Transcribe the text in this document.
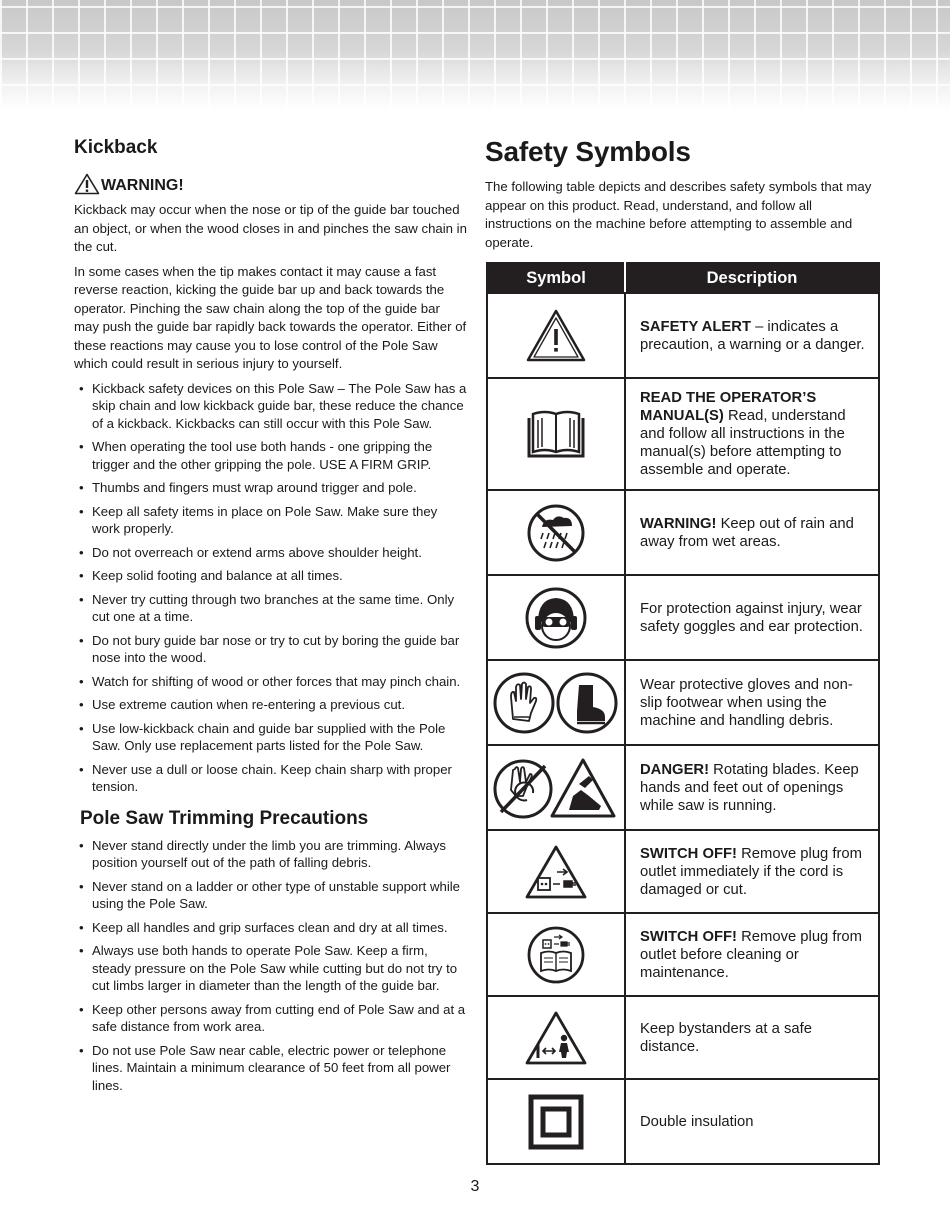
Kickback
WARNING!

Kickback may occur when the nose or tip of the guide bar touched an object, or when the wood closes in and pinches the saw chain in the cut.

In some cases when the tip makes contact it may cause a fast reverse reaction, kicking the guide bar up and back towards the operator. Pinching the saw chain along the top of the guide bar may push the guide bar rapidly back towards the operator. Either of these reactions may cause you to lose control of the Pole Saw which could result in serious injury to yourself.

• Kickback safety devices on this Pole Saw – The Pole Saw has a skip chain and low kickback guide bar, these reduce the chance of a kickback. Kickbacks can still occur with this Pole Saw.
• When operating the tool use both hands - one gripping the trigger and the other gripping the pole. USE A FIRM GRIP.
• Thumbs and fingers must wrap around trigger and pole.
• Keep all safety items in place on Pole Saw. Make sure they work properly.
• Do not overreach or extend arms above shoulder height.
• Keep solid footing and balance at all times.
• Never try cutting through two branches at the same time. Only cut one at a time.
• Do not bury guide bar nose or try to cut by boring the guide bar nose into the wood.
• Watch for shifting of wood or other forces that may pinch chain.
• Use extreme caution when re-entering a previous cut.
• Use low-kickback chain and guide bar supplied with the Pole Saw. Only use replacement parts listed for the Pole Saw.
• Never use a dull or loose chain. Keep chain sharp with proper tension.
Pole Saw Trimming Precautions
• Never stand directly under the limb you are trimming. Always position yourself out of the path of falling debris.
• Never stand on a ladder or other type of unstable support while using the Pole Saw.
• Keep all handles and grip surfaces clean and dry at all times.
• Always use both hands to operate Pole Saw. Keep a firm, steady pressure on the Pole Saw while cutting but do not try to cut limbs larger in diameter than the length of the guide bar.
• Keep other persons away from cutting end of Pole Saw and at a safe distance from work area.
• Do not use Pole Saw near cable, electric power or telephone lines. Maintain a minimum clearance of 50 feet from all power lines.
Safety Symbols

The following table depicts and describes safety symbols that may appear on this product. Read, understand, and follow all instructions on the machine before attempting to assemble and operate.

Symbol	Description
	SAFETY ALERT – indicates a precaution, a warning or a danger.
	READ THE OPERATOR’S MANUAL(S) Read, understand and follow all instructions in the manual(s) before attempting to assemble and operate.
	WARNING! Keep out of rain and away from wet areas.
	For protection against injury, wear safety goggles and ear protection.
	Wear protective gloves and non-slip footwear when using the machine and handling debris.
	DANGER! Rotating blades. Keep hands and feet out of openings while saw is running.
	SWITCH OFF! Remove plug from outlet immediately if the cord is damaged or cut.
	SWITCH OFF! Remove plug from outlet before cleaning or maintenance.
	Keep bystanders at a safe distance.
	Double insulation
3
